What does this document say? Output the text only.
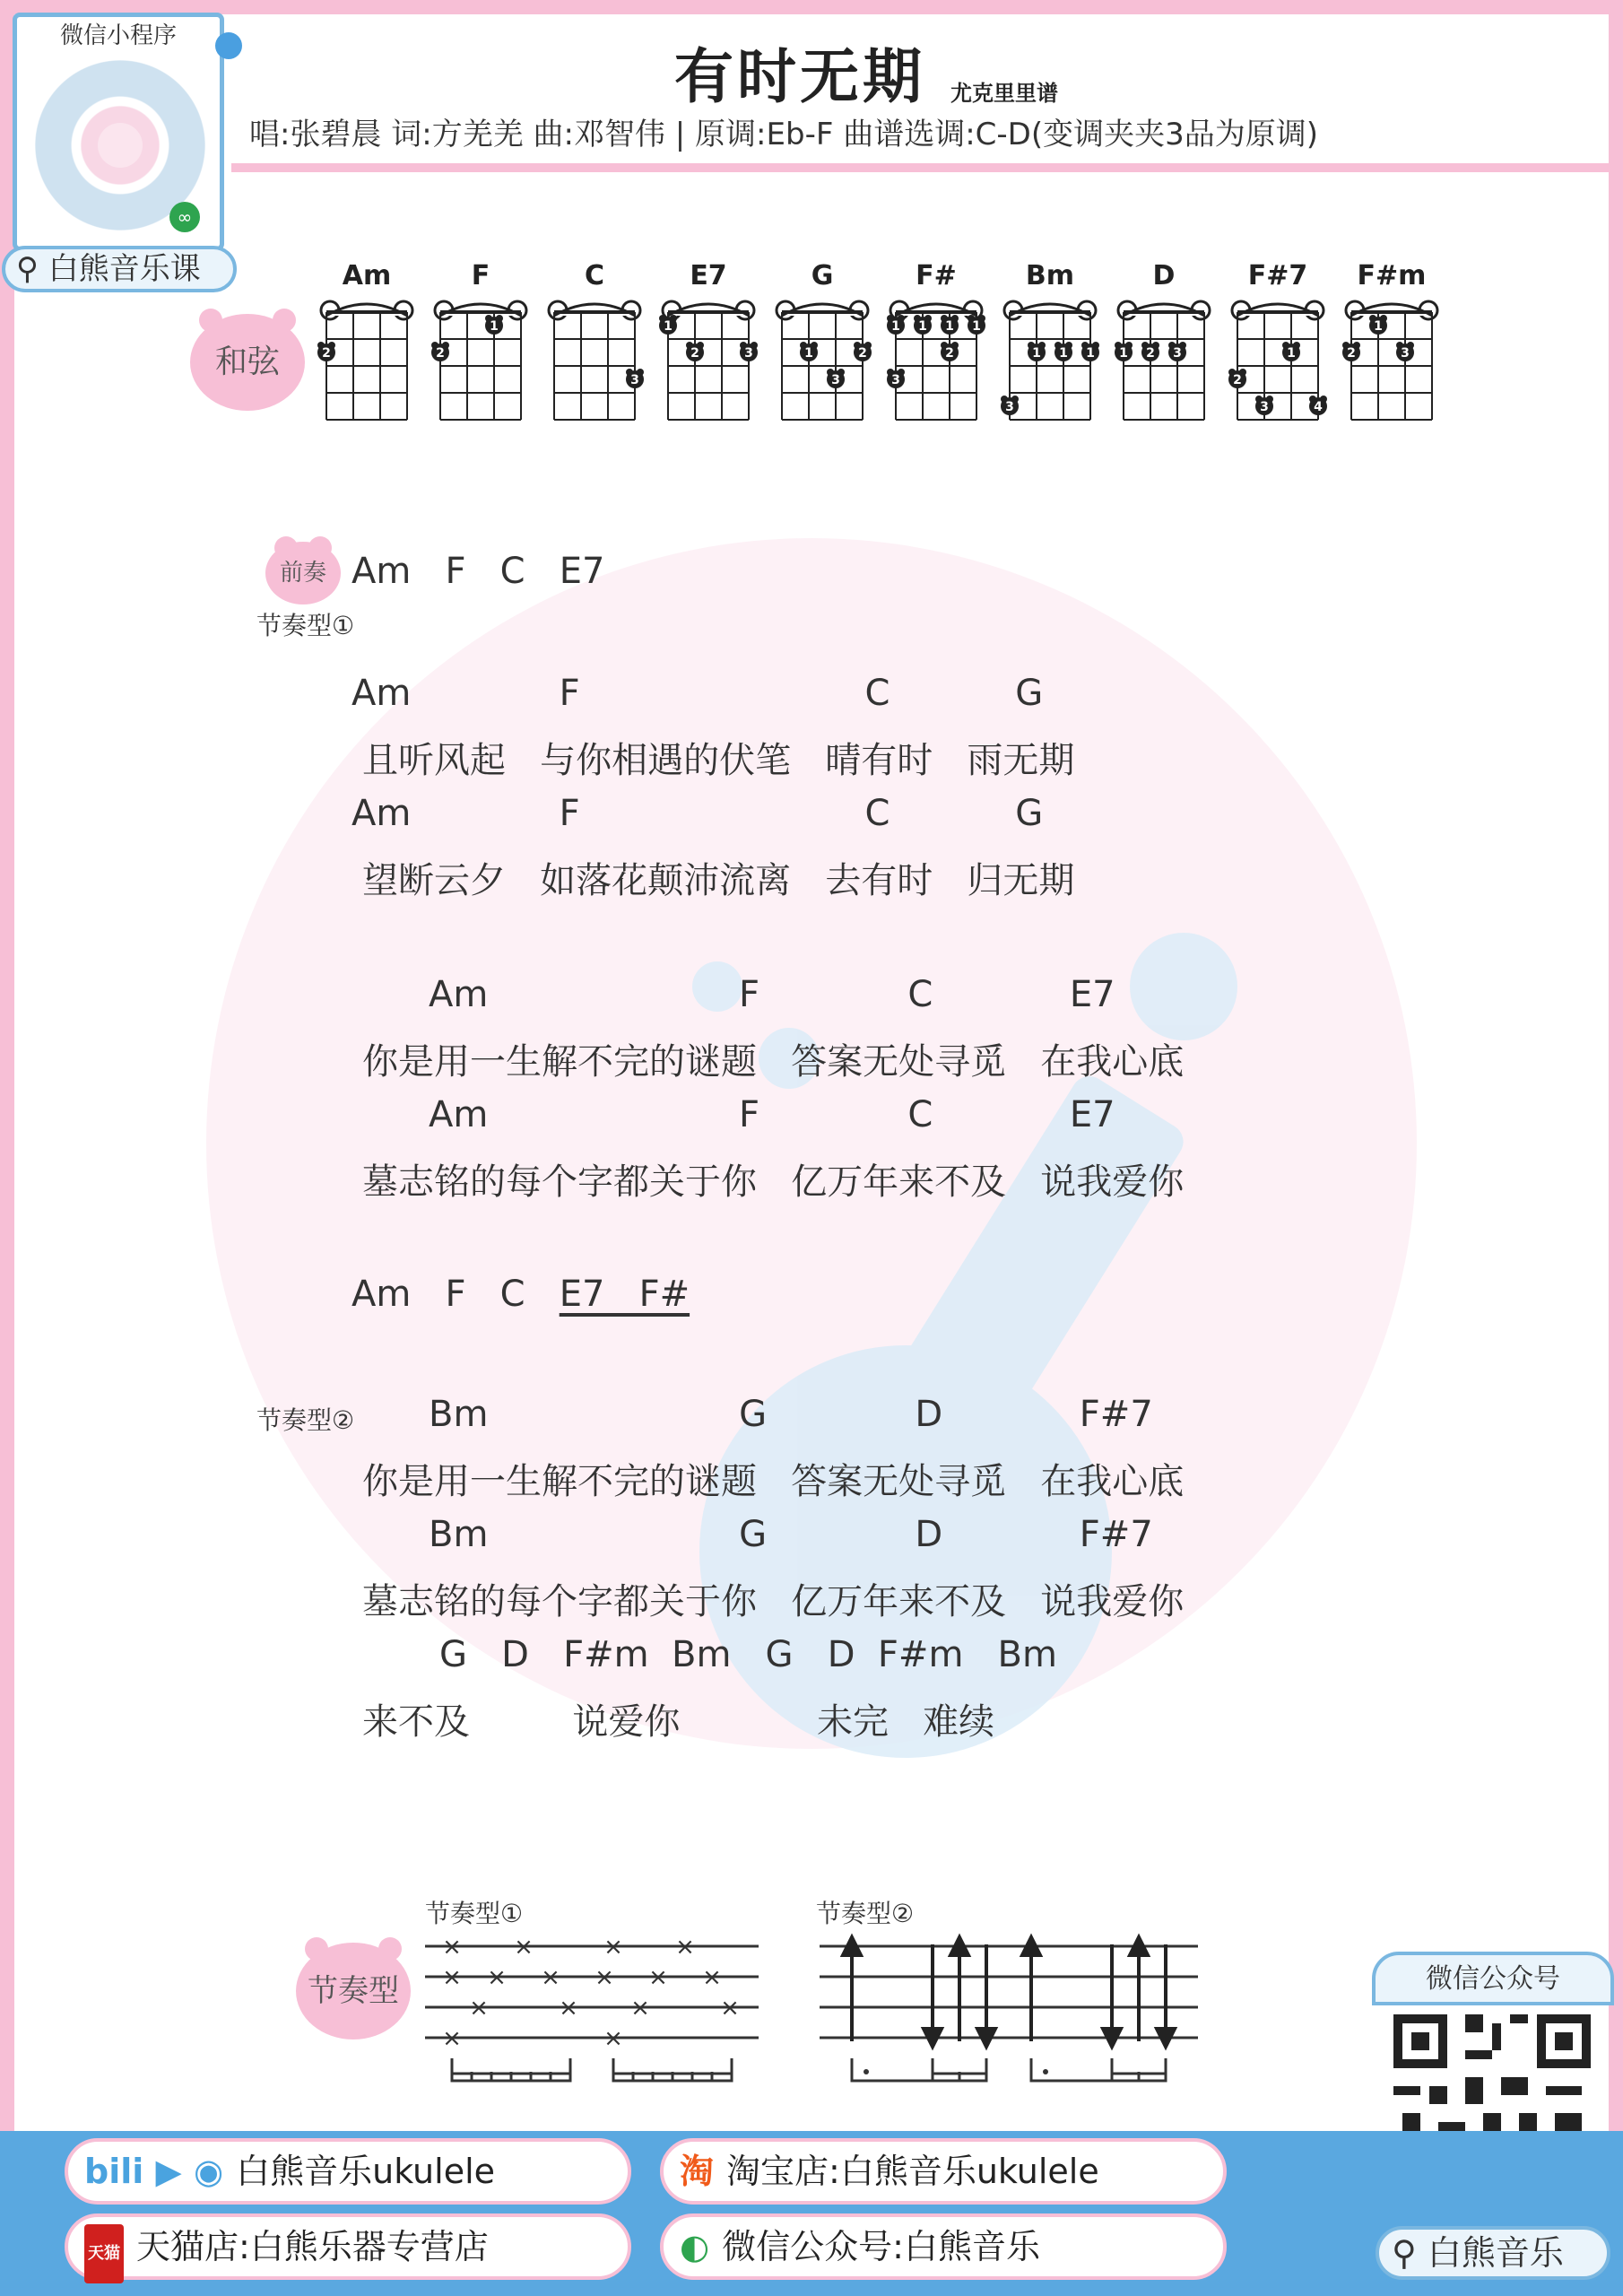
有时无期 尤克里里谱
唱:张碧晨 词:方羌羌 曲:邓智伟 | 原调:Eb-F 曲谱选调:C-D(变调夹夹3品为原调)
微信小程序
∞
⚲ 白熊音乐课
和弦
Am
2
F
2
1
C
3
E7
1
2	3
G
1	2
3
F#
1 1 1 1
2
3
Bm
1 1 1
3
D
1 2 3
F#7
1
2
3	4
F#m
1
2	3
前奏 Am   F   C   E7
节奏型①
Am             F                         C           G
且听风起   与你相遇的伏笔   晴有时   雨无期
Am             F                         C           G
望断云夕   如落花颠沛流离   去有时   归无期
Am                      F             C            E7
你是用一生解不完的谜题   答案无处寻觅   在我心底
Am                      F             C            E7
墓志铭的每个字都关于你   亿万年来不及   说我爱你
Am   F   C   E7   F#
节奏型② Bm                      G             D            F#7
你是用一生解不完的谜题   答案无处寻觅   在我心底
Bm                      G             D            F#7
墓志铭的每个字都关于你   亿万年来不及   说我爱你
G   D   F#m  Bm   G   D  F#m   Bm
来不及         说爱你            未完   难续
节奏型
节奏型①	节奏型②
× ×	× ×
× × × × × ×
×	× ×	×
×	×
微信公众号
bili ▶ ◉ 白熊音乐ukulele	淘 淘宝店:白熊音乐ukulele
天猫 天猫店:白熊乐器专营店	◐ 微信公众号:白熊音乐	⚲ 白熊音乐
